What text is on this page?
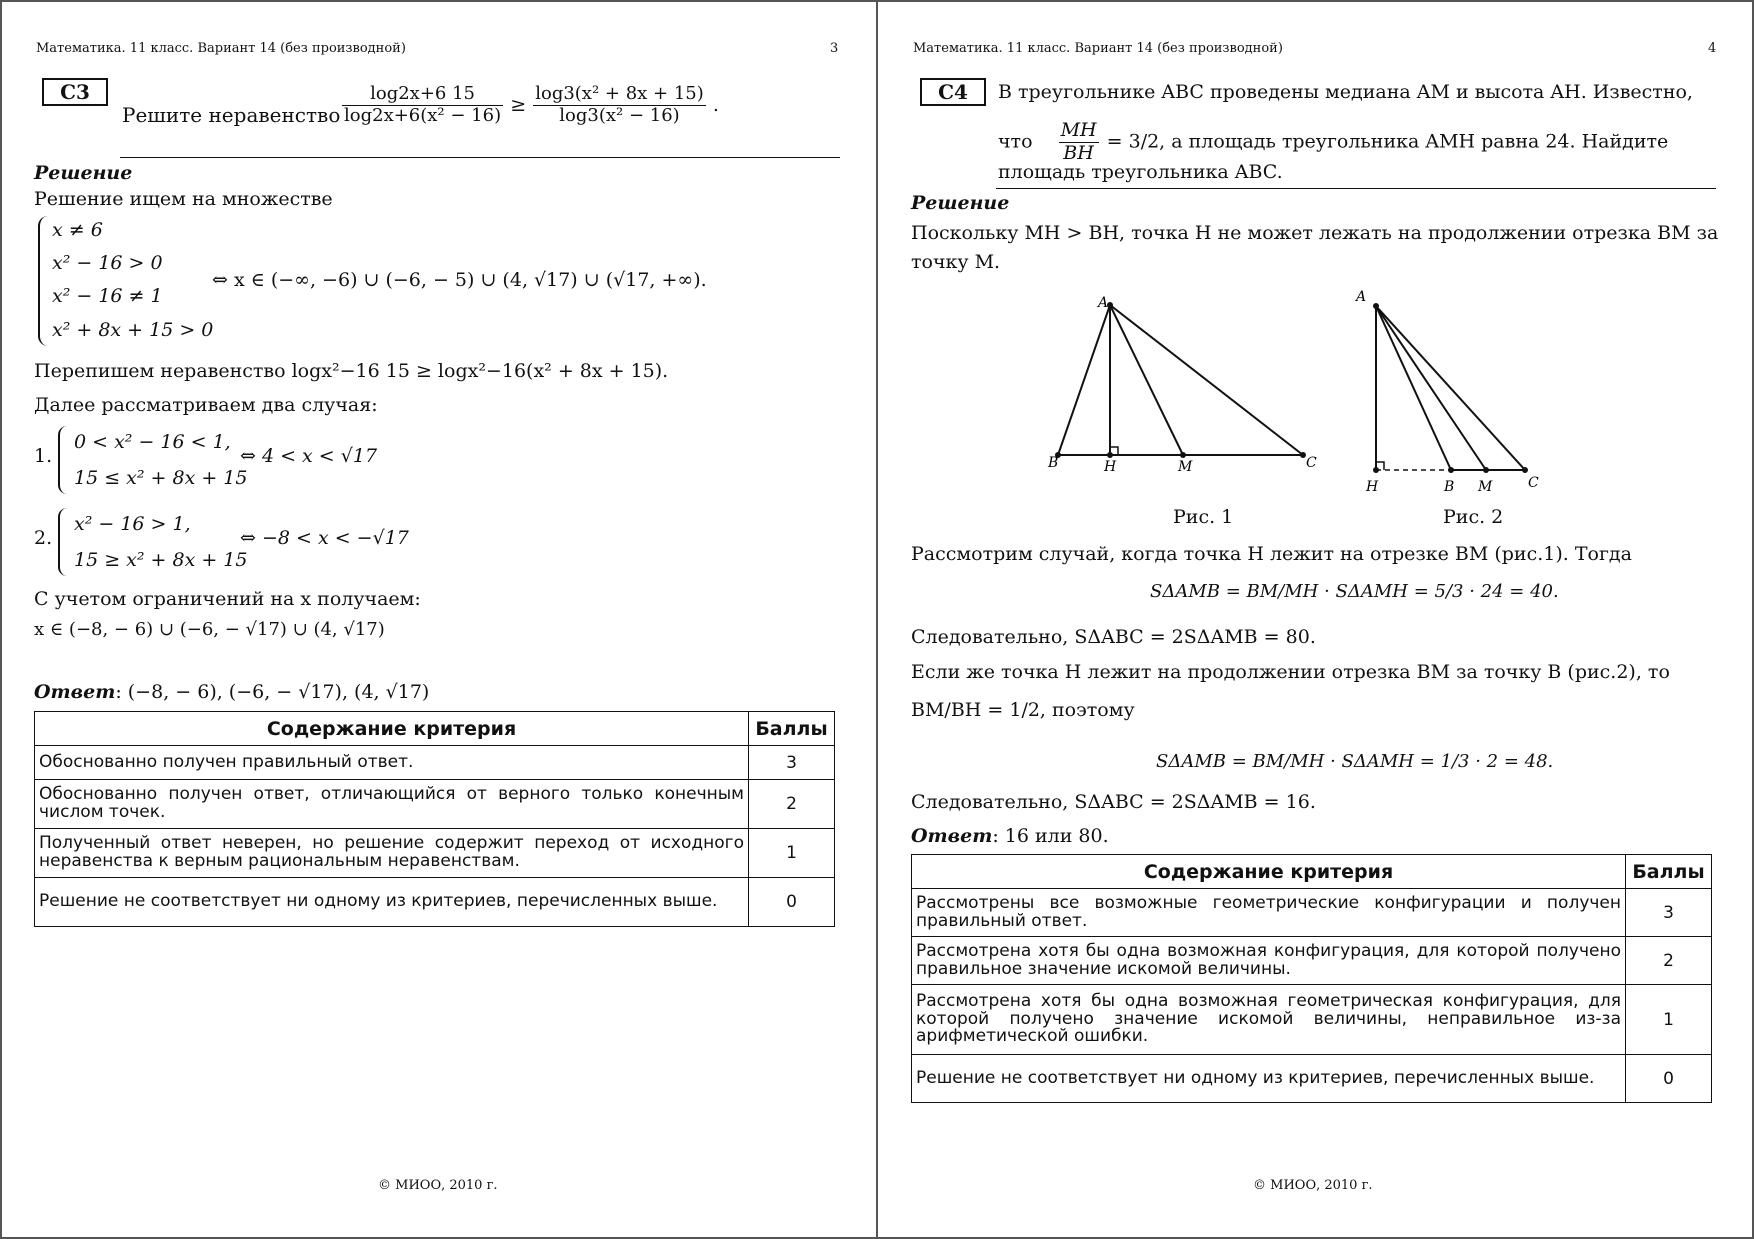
Математика. 11 класс. Вариант 14 (без производной)	3
С3
Решите неравенство $\frac{\log 2x+6 15}{\text{log2x+6(x² − 16)}} \ge \frac{\text{log3(x² + 8x + 15)}}{\text{log3(x² − 16)}}$ .
Решение
Решение ищем на множестве
x ≠ 6
x² − 16 > 0
x² − 16 ≠ 1
x² + 8x + 15 > 0
⇔ x ∈ (−∞, −6) ∪ (−6, − 5) ∪ (4, √17) ∪ (√17, +∞).
Перепишем неравенство logx²−16 15 ≥ logx²−16(x² + 8x + 15).
Далее рассматриваем два случая:
1.
0 < x² − 16 < 1,
15 ≤ x² + 8x + 15
⇔ 4 < x < √17
2.
x² − 16 > 1,
15 ≥ x² + 8x + 15
⇔ −8 < x < −√17
С учетом ограничений на x получаем:
x ∈ (−8, − 6) ∪ (−6, − √17) ∪ (4, √17)
Ответ: (−8, − 6), (−6, − √17), (4, √17)
Содержание критерия	Баллы
Обоснованно получен правильный ответ.	3
Обоснованно получен ответ, отличающийся от верного только конечным числом точек.	2
Полученный ответ неверен, но решение содержит переход от исходного неравенства к верным рациональным неравенствам.	1
Решение не соответствует ни одному из критериев, перечисленных выше.	0
© МИОО, 2010 г.
Математика. 11 класс. Вариант 14 (без производной)	4
С4	В треугольнике ABC проведены медиана AM и высота AH. Известно,
что $\frac{MH}{BH} = 3/2$, а площадь треугольника AMH равна 24. Найдите
площадь треугольника ABC.
Решение
Поскольку MH > BH, точка H не может лежать на продолжении отрезка BM за
точку M.
A
B	H	M	C
A
H	B M	C
Рис. 1	Рис. 2
Рассмотрим случай, когда точка H лежит на отрезке BM (рис.1). Тогда
SΔAMB = BM/MH · SΔAMH = 5/3 · 24 = 40.
Следовательно, SΔABC = 2SΔAMB = 80.
Если же точка H лежит на продолжении отрезка BM за точку B (рис.2), то
BM/BH = 1/2, поэтому
SΔAMB = BM/MH · SΔAMH = 1/3 · 2 = 48.
Следовательно, SΔABC = 2SΔAMB = 16.
Ответ: 16 или 80.
Содержание критерия	Баллы
Рассмотрены все возможные геометрические конфигурации и получен правильный ответ.	3
Рассмотрена хотя бы одна возможная конфигурация, для которой получено правильное значение искомой величины.	2
Рассмотрена хотя бы одна возможная геометрическая конфигурация, для которой получено значение искомой величины, неправильное из-за арифметической ошибки.	1
Решение не соответствует ни одному из критериев, перечисленных выше.	0
© МИОО, 2010 г.
